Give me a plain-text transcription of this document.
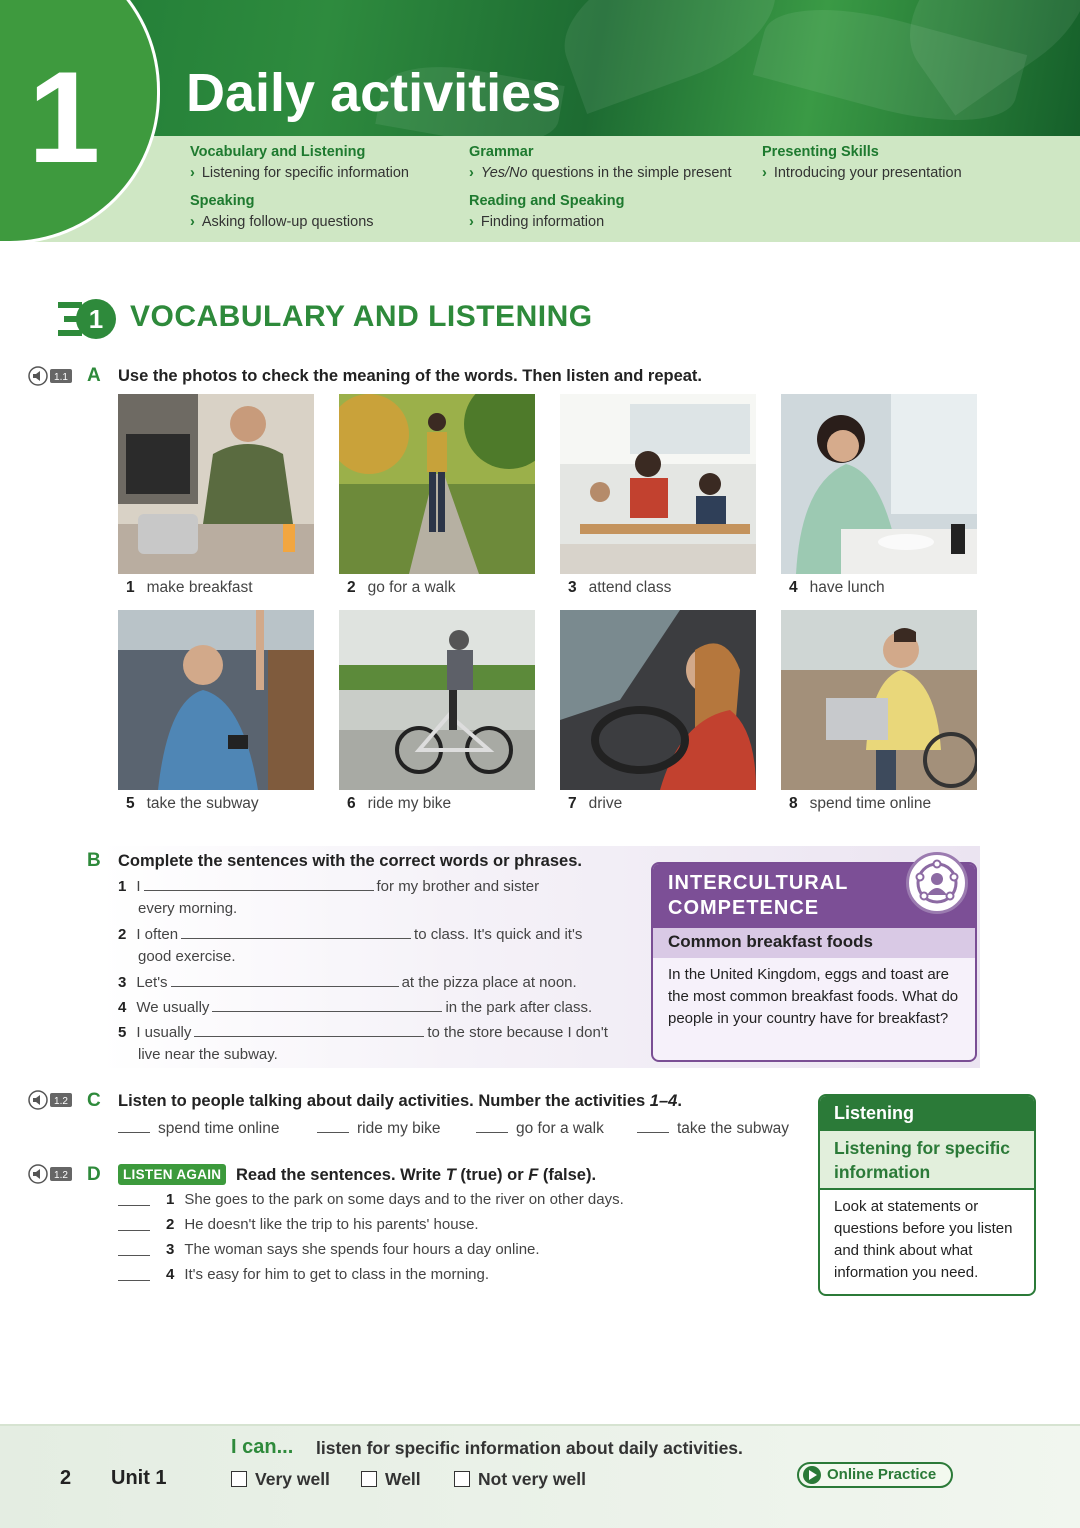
1 Daily activities
Vocabulary and Listening
› Listening for specific information
Speaking
› Asking follow-up questions
Grammar
› Yes/No questions in the simple present
Reading and Speaking
› Finding information
Presenting Skills
› Introducing your presentation
1 VOCABULARY AND LISTENING
1.1 A Use the photos to check the meaning of the words. Then listen and repeat.
1 make breakfast	2 go for a walk	3 attend class	4 have lunch
5 take the subway	6 ride my bike	7 drive	8 spend time online
B Complete the sentences with the correct words or phrases.
1 I	for my brother and sister
every morning.
2 I often	to class. It's quick and it's
good exercise.
3 Let's	at the pizza place at noon.
4 We usually	in the park after class.
5 I usually	to the store because I don't
live near the subway.
INTERCULTURAL
COMPETENCE
Common breakfast foods
In the United Kingdom, eggs and toast are the most common breakfast foods. What do people in your country have for breakfast?
1.2 C Listen to people talking about daily activities. Number the activities 1–4.
spend time online	ride my bike	go for a walk	take the subway
1.2 D	LISTEN AGAIN Read the sentences. Write T (true) or F (false).
1 She goes to the park on some days and to the river on other days.
2 He doesn't like the trip to his parents' house.
3 The woman says she spends four hours a day online.
4 It's easy for him to get to class in the morning.
Listening
Listening for specific information
Look at statements or questions before you listen and think about what information you need.
2 Unit 1
I can... listen for specific information about daily activities.
Very well	Well	Not very well	Online Practice
